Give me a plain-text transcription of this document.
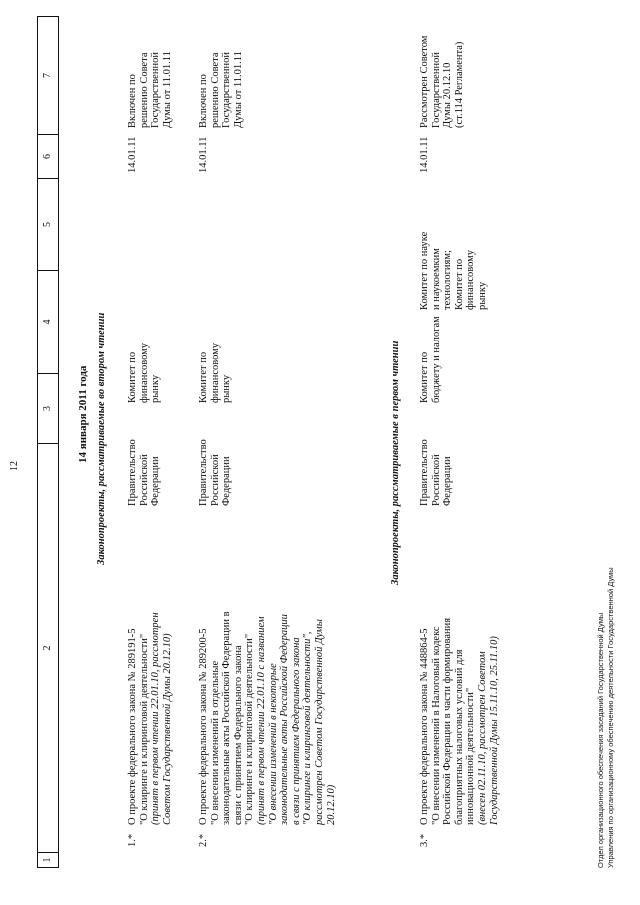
12
1
2
3
4
5
6
7
14 января 2011 года Законопроекты, рассматриваемые во втором чтении
1.*
О проекте федерального закона № 289191-5 "О клиринге и клиринговой деятельности" (принят в первом чтении 22.01.10, рассмотрен Советом Государственной Думы 20.12.10)
Правительство Российской Федерации
Комитет по финансовому рынку
14.01.11
Включен по решению Совета Государственной Думы от 11.01.11
2.*
О проекте федерального закона № 289200-5 "О внесении изменений в отдельные законодательные акты Российской Федерации в связи с принятием Федерального закона "О клиринге и клиринговой деятельности" (принят в первом чтении 22.01.10 с названием "О внесении изменений в некоторые законодательные акты Российской Федерации в связи с принятием Федерального закона "О клиринге и клиринговой деятельности", рассмотрен Советом Государственной Думы 20.12.10)
Правительство Российской Федерации
Комитет по финансовому рынку
14.01.11
Включен по решению Совета Государственной Думы от 11.01.11
Законопроекты, рассматриваемые в первом чтении
3.*
О проекте федерального закона № 448864-5 "О внесении изменений в Налоговый кодекс Российской Федерации в части формирования благоприятных налоговых условий для инновационной деятельности" (внесен 02.11.10, рассмотрен Советом Государственной Думы 15.11.10, 25.11.10)
Правительство Российской Федерации
Комитет по бюджету и налогам
Комитет по науке и наукоемким технологиям; Комитет по финансовому рынку
14.01.11
Рассмотрен Советом Государственной Думы 20.12.10 (ст.114 Регламента)
Отдел организационного обеспечения заседаний Государственной Думы Управления по организационному обеспечению деятельности Государственной Думы
